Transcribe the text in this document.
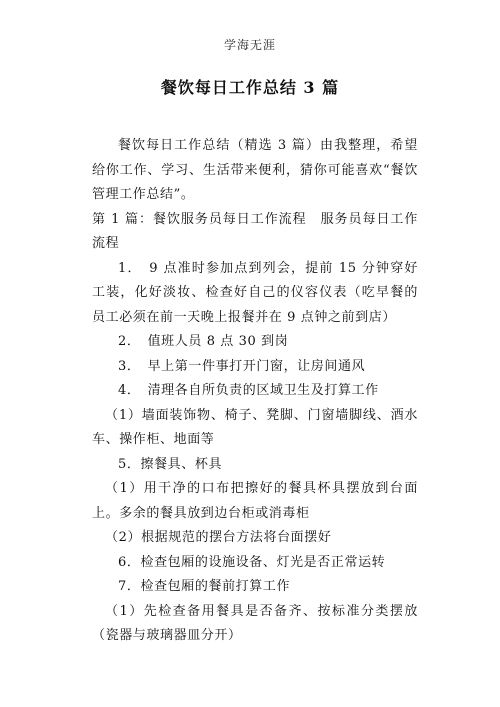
学海无涯
餐饮每日工作总结 3 篇

餐饮每日工作总结（精选 3 篇）由我整理，希望给你工作、学习、生活带来便利，猜你可能喜欢“餐饮管理工作总结”。

第 1 篇：餐饮服务员每日工作流程　服务员每日工作流程

1．　9 点准时参加点到列会，提前 15 分钟穿好工装，化好淡妆、检查好自己的仪容仪表（吃早餐的员工必须在前一天晚上报餐并在 9 点钟之前到店）

2．　值班人员 8 点 30 到岗

3．　早上第一件事打开门窗，让房间通风

4．　清理各自所负责的区域卫生及打算工作

（1）墙面装饰物、椅子、凳脚、门窗墙脚线、酒水车、操作柜、地面等

5．擦餐具、杯具

（1）用干净的口布把擦好的餐具杯具摆放到台面上。多余的餐具放到边台柜或消毒柜

（2）根据规范的摆台方法将台面摆好

6．检查包厢的设施设备、灯光是否正常运转

7．检查包厢的餐前打算工作

（1）先检查备用餐具是否备齐、按标准分类摆放（瓷器与玻璃器皿分开）
